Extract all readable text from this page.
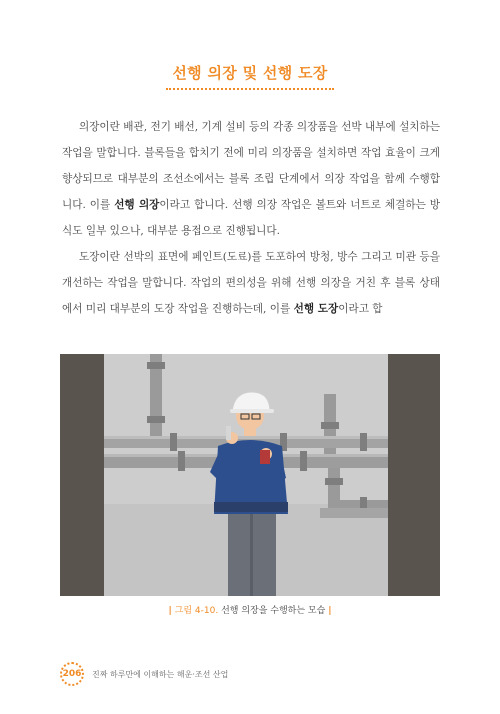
선행 의장 및 선행 도장

의장이란 배관, 전기 배선, 기계 설비 등의 각종 의장품을 선박 내부에 설치하는 작업을 말합니다. 블록들을 합치기 전에 미리 의장품을 설치하면 작업 효율이 크게 향상되므로 대부분의 조선소에서는 블록 조립 단계에서 의장 작업을 함께 수행합니다. 이를 선행 의장이라고 합니다. 선행 의장 작업은 볼트와 너트로 체결하는 방식도 일부 있으나, 대부분 용접으로 진행됩니다.

도장이란 선박의 표면에 페인트(도료)를 도포하여 방청, 방수 그리고 미관 등을 개선하는 작업을 말합니다. 작업의 편의성을 위해 선행 의장을 거친 후 블록 상태에서 미리 대부분의 도장 작업을 진행하는데, 이를 선행 도장이라고 합

| 그림 4-10. 선행 의장을 수행하는 모습 |
206	진짜 하루만에 이해하는 해운·조선 산업
